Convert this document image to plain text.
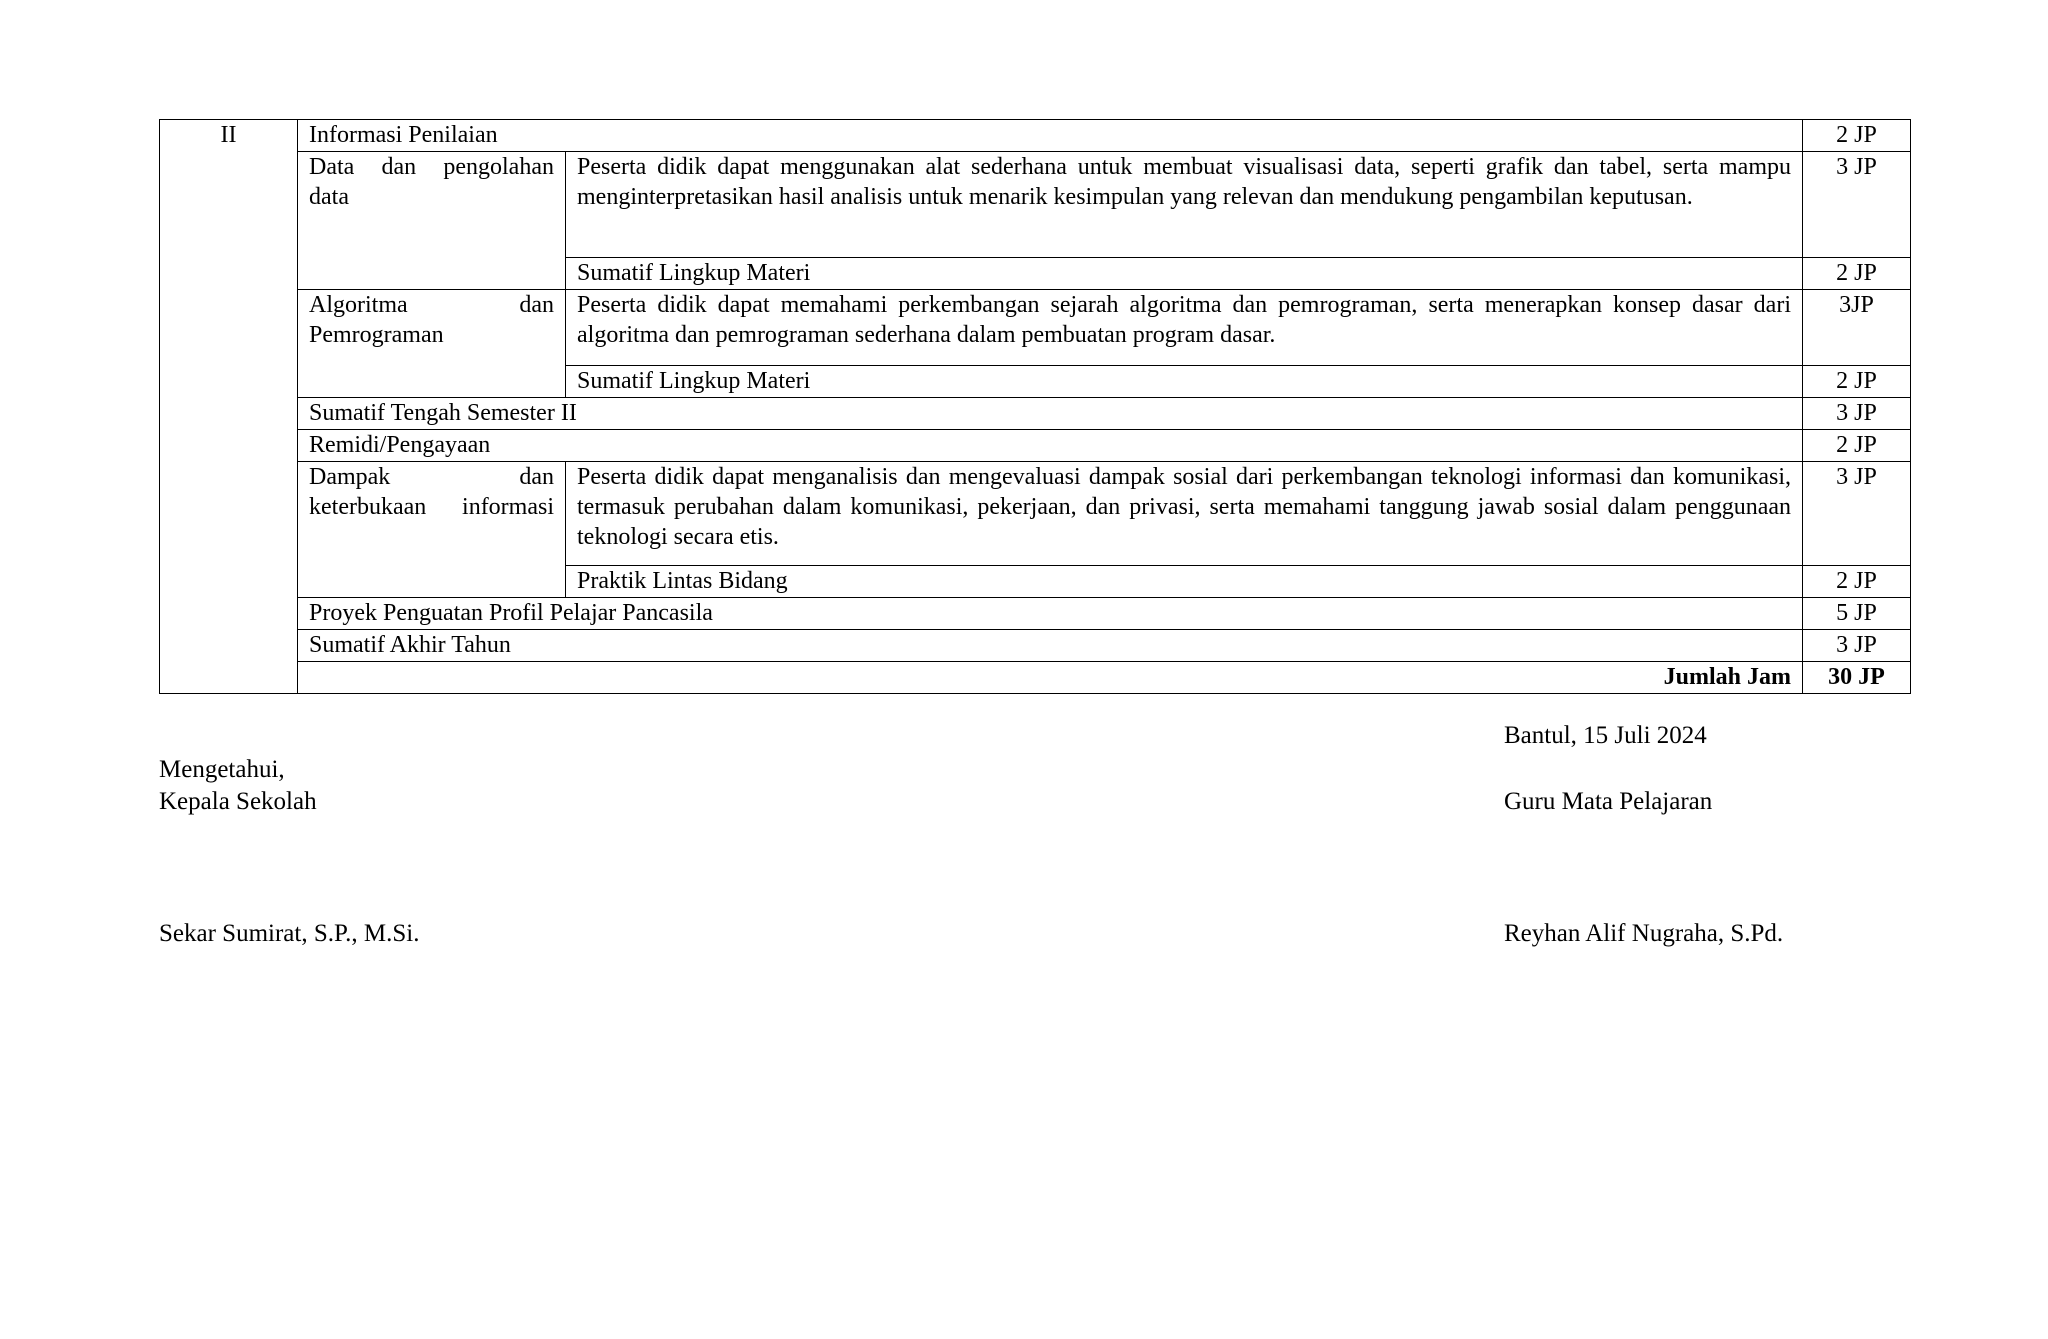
II	Informasi Penilaian		2 JP
	Data dan pengolahan data	Peserta didik dapat menggunakan alat sederhana untuk membuat visualisasi data, seperti grafik dan tabel, serta mampu menginterpretasikan hasil analisis untuk menarik kesimpulan yang relevan dan mendukung pengambilan keputusan.	3 JP
		Sumatif Lingkup Materi	2 JP
	Algoritma dan Pemrograman	Peserta didik dapat memahami perkembangan sejarah algoritma dan pemrograman, serta menerapkan konsep dasar dari algoritma dan pemrograman sederhana dalam pembuatan program dasar.	3JP
		Sumatif Lingkup Materi	2 JP
	Sumatif Tengah Semester II		3 JP
	Remidi/Pengayaan		2 JP
	Dampak dan keterbukaan informasi	Peserta didik dapat menganalisis dan mengevaluasi dampak sosial dari perkembangan teknologi informasi dan komunikasi, termasuk perubahan dalam komunikasi, pekerjaan, dan privasi, serta memahami tanggung jawab sosial dalam penggunaan teknologi secara etis.	3 JP
		Praktik Lintas Bidang	2 JP
	Proyek Penguatan Profil Pelajar Pancasila		5 JP
	Sumatif Akhir Tahun		3 JP
	Jumlah Jam		30 JP
Bantul, 15 Juli 2024
Mengetahui,
Kepala Sekolah	Guru Mata Pelajaran
Sekar Sumirat, S.P., M.Si.	Reyhan Alif Nugraha, S.Pd.
